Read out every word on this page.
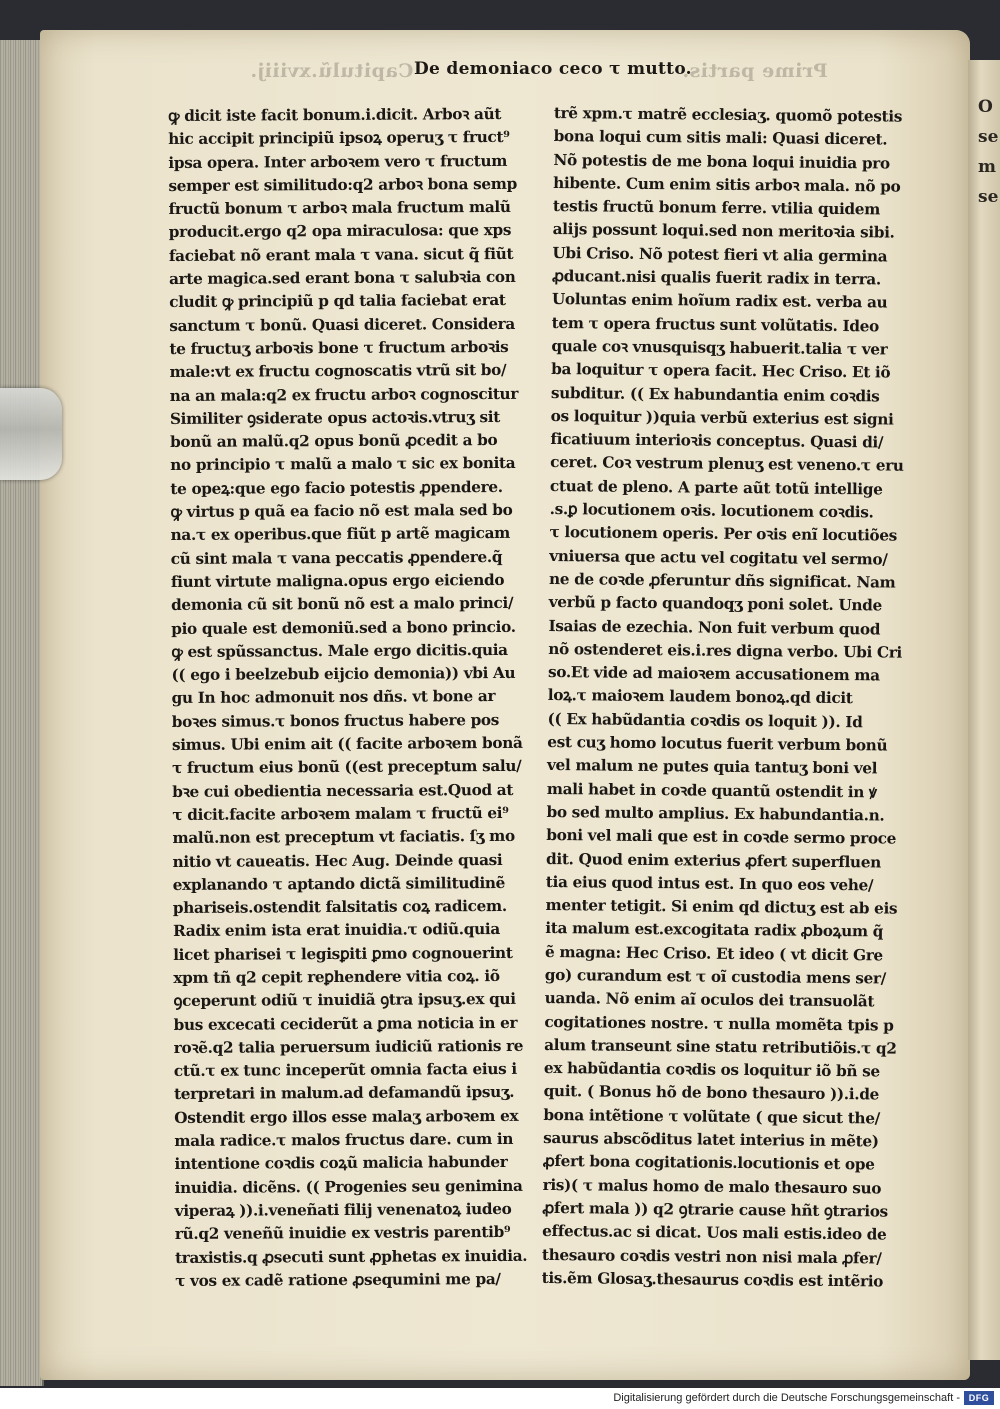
O
se
m
se
Capitulũ.xviiĳ.	Prime partis.
De demoniaco ceco τ mutto.
ꝙ dicit iste facit bonum.i.dicit. Arboꝛ aũt
hic accipit principiũ ipsoꝝ operuʒ τ fruct⁹
ipsa opera. Inter arboꝛem vero τ fructum
semper est similitudo:q2 arboꝛ bona semp
fructũ bonum τ arboꝛ mala fructum malũ
producit.ergo q2 opa miraculosa: que xps
faciebat nõ erant mala τ vana. sicut q̃ fiũt
arte magica.sed erant bona τ salubꝛia con
cludit ꝙ principiũ p qd talia faciebat erat
sanctum τ bonũ. Quasi diceret. Considera
te fructuʒ arboꝛis bone τ fructum arboꝛis
male:vt ex fructu cognoscatis vtrũ sit bo/
na an mala:q2 ex fructu arboꝛ cognoscitur
Similiter ꝯsiderate opus actoꝛis.vtruʒ sit
bonũ an malũ.q2 opus bonũ ꝓcedit a bo
no principio τ malũ a malo τ sic ex bonita
te opeꝝ:que ego facio potestis ꝓpendere.
ꝙ virtus p quã ea facio nõ est mala sed bo
na.τ ex operibus.que fiũt p artẽ magicam
cũ sint mala τ vana peccatis ꝓpendere.q̃
fiunt virtute maligna.opus ergo eiciendo
demonia cũ sit bonũ nõ est a malo princi/
pio quale est demoniũ.sed a bono princio.
ꝙ est spũssanctus. Male ergo dicitis.quia
(( ego i beelzebub eĳcio demonia)) vbi Au
gu In hoc admonuit nos dñs. vt bone ar
boꝛes simus.τ bonos fructus habere pos
simus. Ubi enim ait (( facite arboꝛem bonã
τ fructum eius bonũ ((est preceptum salu/
bꝛe cui obedientia necessaria est.Quod at
τ dicit.facite arboꝛem malam τ fructũ ei⁹
malũ.non est preceptum vt faciatis. ſʒ mo
nitio vt caueatis. Hec Aug. Deinde quasi
explanando τ aptando dictã similitudinẽ
phariseis.ostendit falsitatis coꝝ radicem.
Radix enim ista erat inuidia.τ odiũ.quia
licet pharisei τ legisꝑiti ꝑmo cognouerint
xpm tñ q2 cepit reꝑhendere vitia coꝝ. iõ
ꝯceperunt odiũ τ inuidiã ꝯtra ipsuʒ.ex qui
bus excecati ceciderũt a ꝑma noticia in er
roꝛẽ.q2 talia peruersum iudiciũ rationis re
ctũ.τ ex tunc inceperũt omnia facta eius i
terpretari in malum.ad defamandũ ipsuʒ.
Ostendit ergo illos esse malaʒ arboꝛem ex
mala radice.τ malos fructus dare. cum in
intentione coꝛdis coꝝũ malicia habunder
inuidia. dicẽns. (( Progenies seu genimina
viperaꝝ )).i.veneñati filĳ venenatoꝝ iudeo
rũ.q2 veneñũ inuidie ex vestris parentib⁹
traxistis.q ꝓsecuti sunt ꝓphetas ex inuidia.
τ vos ex cadẽ ratione ꝓsequmini me pa/
trẽ xpm.τ matrẽ ecclesiaʒ. quomõ potestis
bona loqui cum sitis mali: Quasi diceret.
Nõ potestis de me bona loqui inuidia pro
hibente. Cum enim sitis arboꝛ mala. nõ po
testis fructũ bonum ferre. vtilia quidem
alĳs possunt loqui.sed non meritoꝛia sibi.
Ubi Criso. Nõ potest fieri vt alia germina
ꝓducant.nisi qualis fuerit radix in terra.
Uoluntas enim hoĩum radix est. verba au
tem τ opera fructus sunt volũtatis. Ideo
quale coꝛ vnusquisqʒ habuerit.talia τ ver
ba loquitur τ opera facit. Hec Criso. Et iõ
subditur. (( Ex habundantia enim coꝛdis
os loquitur ))quia verbũ exterius est signi
ficatiuum interioꝛis conceptus. Quasi di/
ceret. Coꝛ vestrum plenuʒ est veneno.τ eru
ctuat de pleno. A parte aũt totũ intellige
.s.ꝑ locutionem oꝛis. locutionem coꝛdis.
τ locutionem operis. Per oꝛis enĩ locutiões
vniuersa que actu vel cogitatu vel sermo/
ne de coꝛde ꝓferuntur dñs significat. Nam
verbũ p facto quandoqʒ poni solet. Unde
Isaias de ezechia. Non fuit verbum quod
nõ ostenderet eis.i.res digna verbo. Ubi Cri
so.Et vide ad maioꝛem accusationem ma
loꝝ.τ maioꝛem laudem bonoꝝ.qd dicit
(( Ex habũdantia coꝛdis os loquit )). Id
est cuʒ homo locutus fuerit verbum bonũ
vel malum ne putes quia tantuʒ boni vel
mali habet in coꝛde quantũ ostendit in ꝟ
bo sed multo amplius. Ex habundantia.n.
boni vel mali que est in coꝛde sermo proce
dit. Quod enim exterius ꝓfert superfluen
tia eius quod intus est. In quo eos vehe/
menter tetigit. Si enim qd dictuʒ est ab eis
ita malum est.excogitata radix ꝓboꝝum q̃
ẽ magna: Hec Criso. Et ideo ( vt dicit Gre
go) curandum est τ oĩ custodia mens ser/
uanda. Nõ enim aĩ oculos dei transuolãt
cogitationes nostre. τ nulla momẽta tpis p
alum transeunt sine statu retributiõis.τ q2
ex habũdantia coꝛdis os loquitur iõ bñ se
quit. ( Bonus hõ de bono thesauro )).i.de
bona intẽtione τ volũtate ( que sicut the/
saurus abscõditus latet interius in mẽte)
ꝓfert bona cogitationis.locutionis et ope
ris)( τ malus homo de malo thesauro suo
ꝓfert mala )) q2 ꝯtrarie cause hñt ꝯtrarios
effectus.ac si dicat. Uos mali estis.ideo de
thesauro coꝛdis vestri non nisi mala ꝓfer/
tis.ẽm Glosaʒ.thesaurus coꝛdis est intẽrio
Digitalisierung gefördert durch die Deutsche Forschungsgemeinschaft - DFG
